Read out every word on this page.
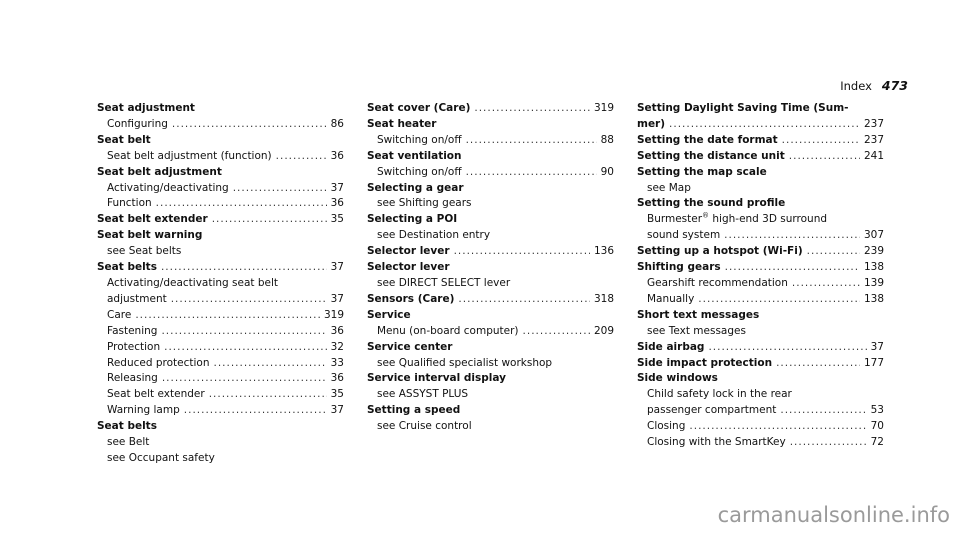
Index 473
Seat adjustment
Configuring .....	86
Seat belt
Seat belt adjustment (function) .....	36
Seat belt adjustment
Activating/deactivating .....	37
Function .....	36
Seat belt extender .....	35
Seat belt warning
see Seat belts
Seat belts .....	37
Activating/deactivating seat belt
adjustment .....	37
Care .....	319
Fastening .....	36
Protection .....	32
Reduced protection .....	33
Releasing .....	36
Seat belt extender .....	35
Warning lamp .....	37
Seat belts
see Belt
see Occupant safety
Seat cover (Care) .....	319
Seat heater
Switching on/off .....	88
Seat ventilation
Switching on/off .....	90
Selecting a gear
see Shifting gears
Selecting a POI
see Destination entry
Selector lever .....	136
Selector lever
see DIRECT SELECT lever
Sensors (Care) .....	318
Service
Menu (on-board computer) .....	209
Service center
see Qualified specialist workshop
Service interval display
see ASSYST PLUS
Setting a speed
see Cruise control
Setting Daylight Saving Time (Sum-
mer) .....	237
Setting the date format .....	237
Setting the distance unit .....	241
Setting the map scale
see Map
Setting the sound profile
Burmester® high-end 3D surround
sound system .....	307
Setting up a hotspot (Wi-Fi) .....	239
Shifting gears .....	138
Gearshift recommendation .....	139
Manually .....	138
Short text messages
see Text messages
Side airbag .....	37
Side impact protection .....	177
Side windows
Child safety lock in the rear
passenger compartment .....	53
Closing .....	70
Closing with the SmartKey .....	72
carmanualsonline.info
